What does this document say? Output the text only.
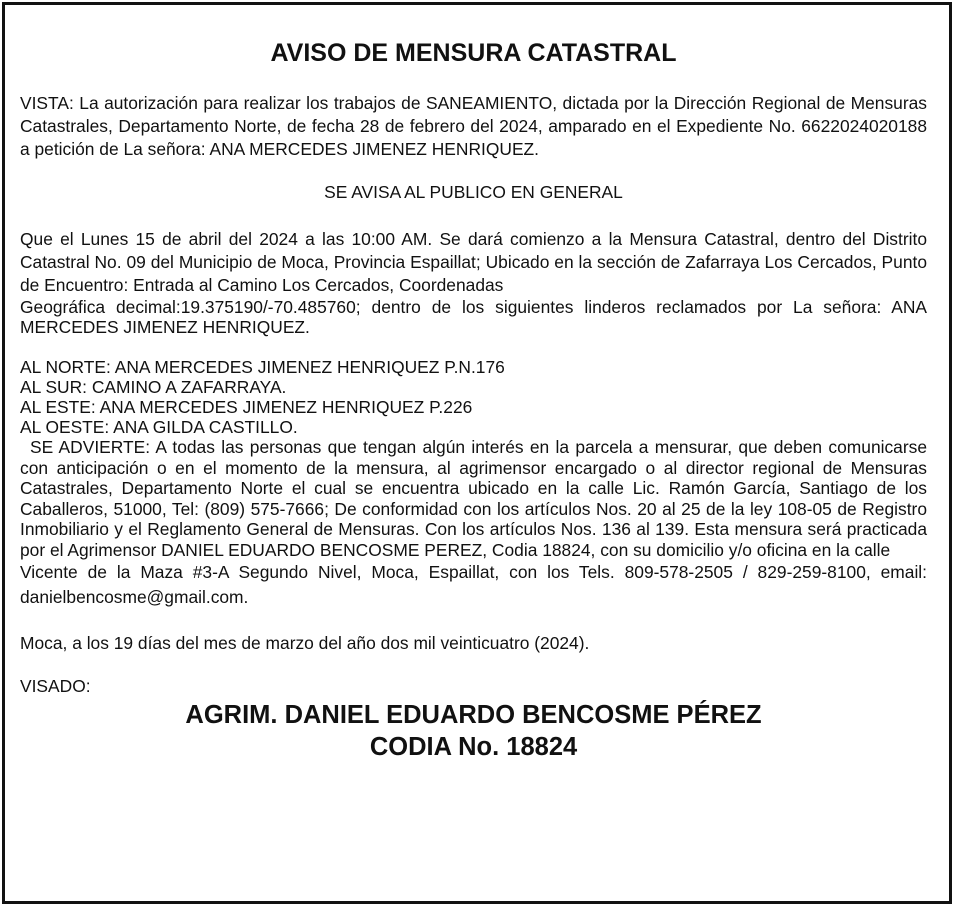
AVISO DE MENSURA CATASTRAL

VISTA: La autorización para realizar los trabajos de SANEAMIENTO, dictada por la Dirección Regional de Mensuras Catastrales, Departamento Norte, de fecha 28 de febrero del 2024, amparado en el Expediente No. 6622024020188 a petición de La señora: ANA MERCEDES JIMENEZ HENRIQUEZ.

SE AVISA AL PUBLICO EN GENERAL

Que el Lunes 15 de abril del 2024 a las 10:00 AM. Se dará comienzo a la Mensura Catastral, dentro del Distrito Catastral No. 09 del Municipio de Moca, Provincia Espaillat; Ubicado en la sección de Zafarraya Los Cercados, Punto de Encuentro: Entrada al Camino Los Cercados, Coordenadas

Geográfica decimal:19.375190/-70.485760; dentro de los siguientes linderos reclamados por La señora: ANA MERCEDES JIMENEZ HENRIQUEZ.

AL NORTE: ANA MERCEDES JIMENEZ HENRIQUEZ P.N.176
AL SUR: CAMINO A ZAFARRAYA.
AL ESTE: ANA MERCEDES JIMENEZ HENRIQUEZ P.226
AL OESTE: ANA GILDA CASTILLO.

SE ADVIERTE: A todas las personas que tengan algún interés en la parcela a mensurar, que deben comunicarse con anticipación o en el momento de la mensura, al agrimensor encargado o al director regional de Mensuras Catastrales, Departamento Norte el cual se encuentra ubicado en la calle Lic. Ramón García, Santiago de los Caballeros, 51000, Tel: (809) 575-7666; De conformidad con los artículos Nos. 20 al 25 de la ley 108-05 de Registro Inmobiliario y el Reglamento General de Mensuras. Con los artículos Nos. 136 al 139. Esta mensura será practicada por el Agrimensor DANIEL EDUARDO BENCOSME PEREZ, Codia 18824, con su domicilio y/o oficina en la calle

Vicente de la Maza #3-A Segundo Nivel, Moca, Espaillat, con los Tels. 809-578-2505 / 829-259-8100, email: danielbencosme@gmail.com.

Moca, a los 19 días del mes de marzo del año dos mil veinticuatro (2024).
VISADO:
AGRIM. DANIEL EDUARDO BENCOSME PÉREZ
CODIA No. 18824
